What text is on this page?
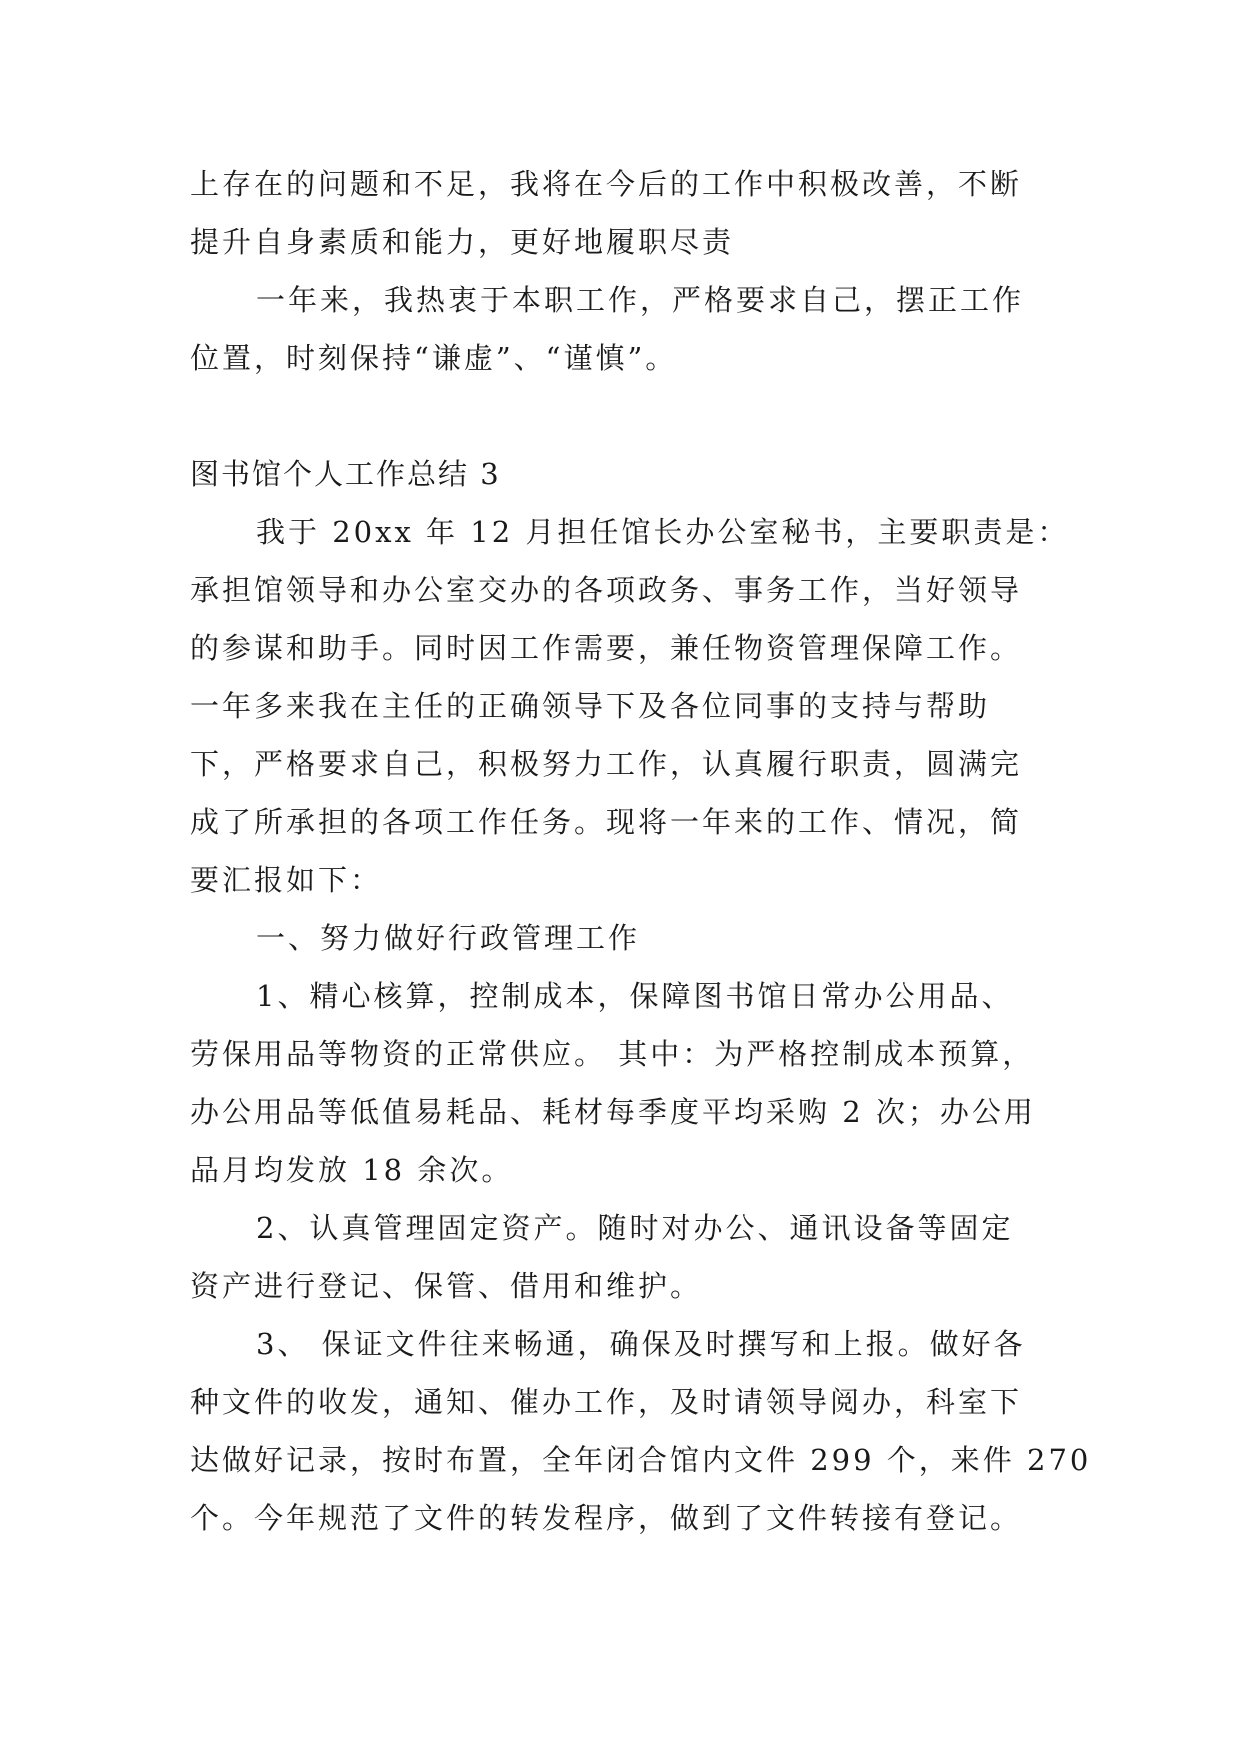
上存在的问题和不足，我将在今后的工作中积极改善，不断
提升自身素质和能力，更好地履职尽责
一年来，我热衷于本职工作，严格要求自己，摆正工作
位置，时刻保持“谦虚”、“谨慎”。
图书馆个人工作总结 3
我于 20xx 年 12 月担任馆长办公室秘书，主要职责是：
承担馆领导和办公室交办的各项政务、事务工作，当好领导
的参谋和助手。同时因工作需要，兼任物资管理保障工作。
一年多来我在主任的正确领导下及各位同事的支持与帮助
下，严格要求自己，积极努力工作，认真履行职责，圆满完
成了所承担的各项工作任务。现将一年来的工作、情况，简
要汇报如下：
一、努力做好行政管理工作
1、精心核算，控制成本，保障图书馆日常办公用品、
劳保用品等物资的正常供应。 其中：为严格控制成本预算，
办公用品等低值易耗品、耗材每季度平均采购 2 次；办公用
品月均发放 18 余次。
2、认真管理固定资产。随时对办公、通讯设备等固定
资产进行登记、保管、借用和维护。
3、 保证文件往来畅通，确保及时撰写和上报。做好各
种文件的收发，通知、催办工作，及时请领导阅办，科室下
达做好记录，按时布置，全年闭合馆内文件 299 个，来件 270
个。今年规范了文件的转发程序，做到了文件转接有登记。
